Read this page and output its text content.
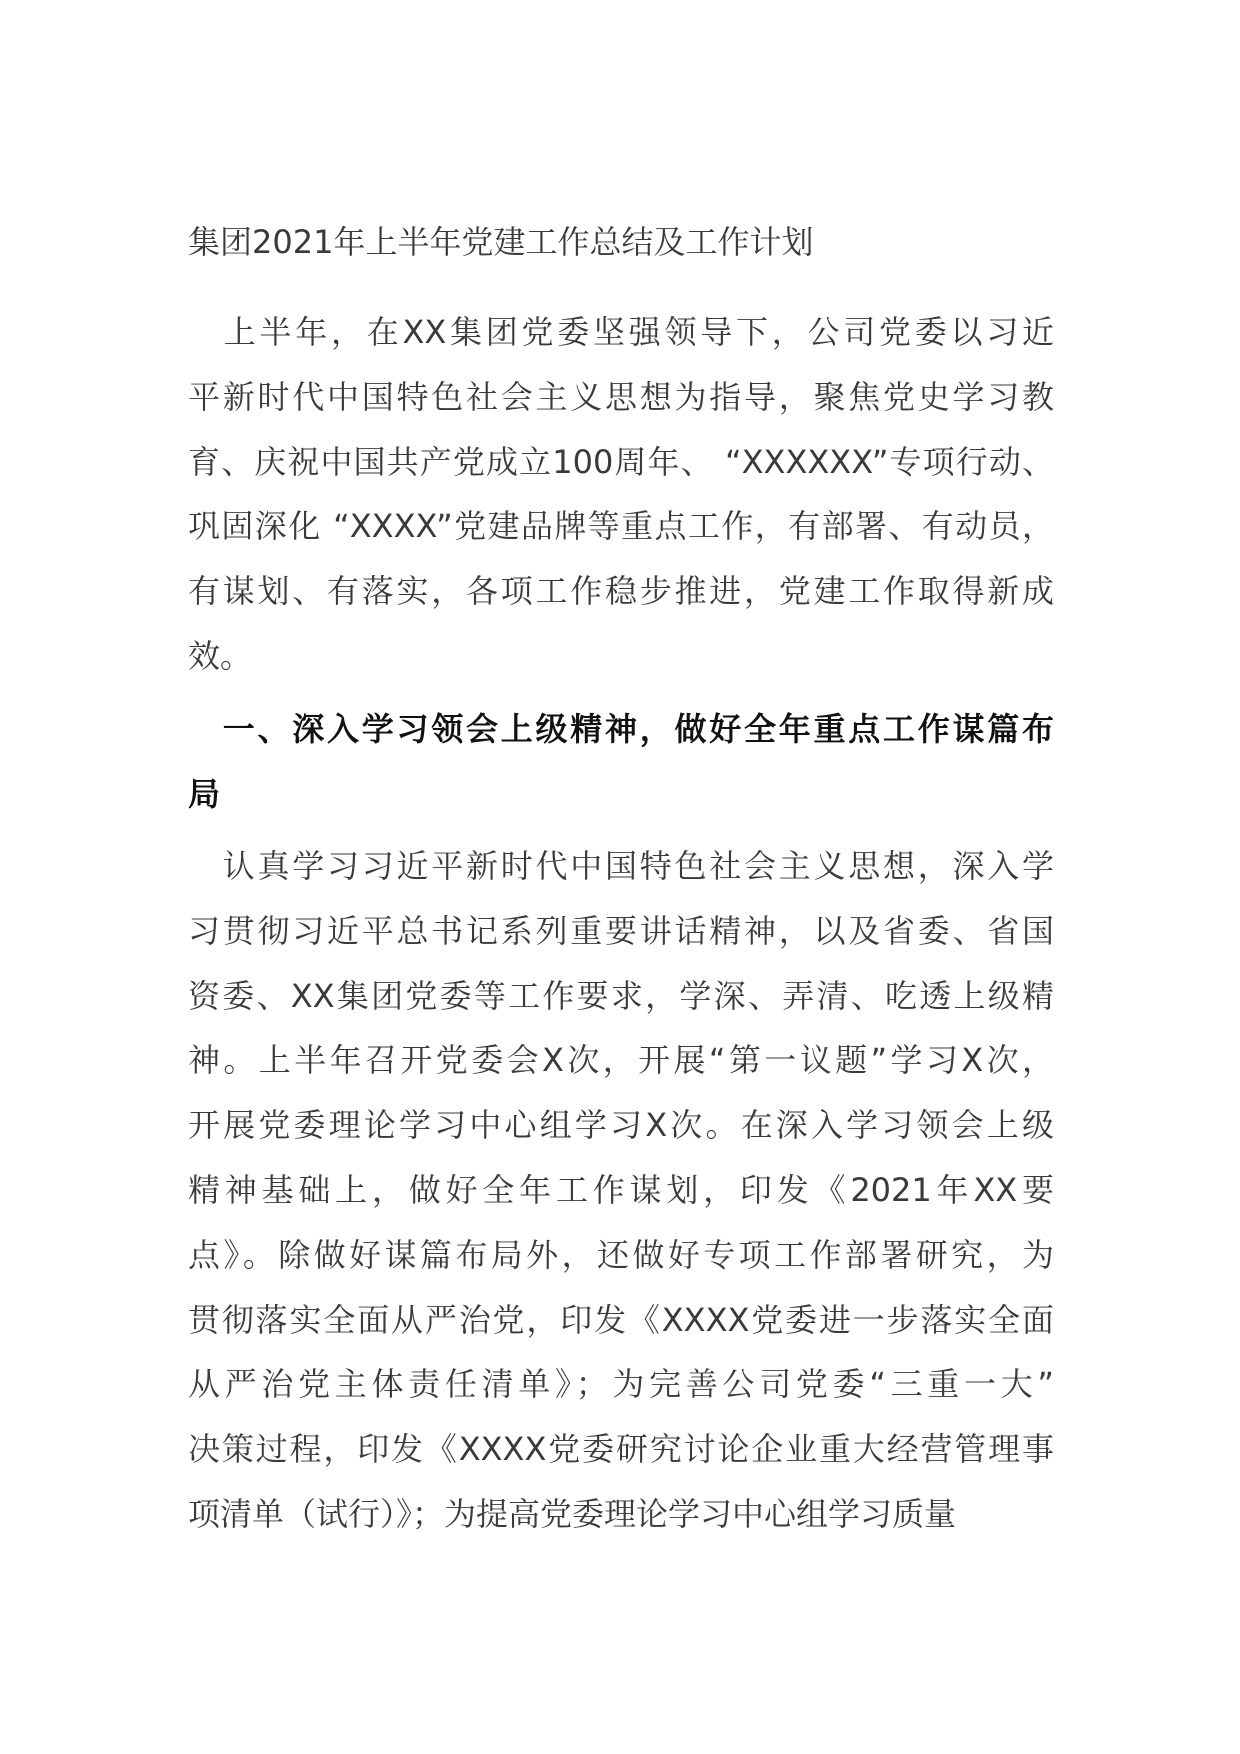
集团2021年上半年党建工作总结及工作计划
　上半年，在XX集团党委坚强领导下，公司党委以习近
平新时代中国特色社会主义思想为指导，聚焦党史学习教
育、庆祝中国共产党成立100周年、 “XXXXXX”专项行动、
巩固深化 “XXXX”党建品牌等重点工作，有部署、有动员，
有谋划、有落实，各项工作稳步推进，党建工作取得新成
效。
　一、深入学习领会上级精神，做好全年重点工作谋篇布
局
　认真学习习近平新时代中国特色社会主义思想，深入学
习贯彻习近平总书记系列重要讲话精神，以及省委、省国
资委、XX集团党委等工作要求，学深、弄清、吃透上级精
神。上半年召开党委会X次，开展“第一议题”学习X次，
开展党委理论学习中心组学习X次。在深入学习领会上级
精神基础上，做好全年工作谋划，印发《2021年XX要
点》。除做好谋篇布局外，还做好专项工作部署研究，为
贯彻落实全面从严治党，印发《XXXX党委进一步落实全面
从严治党主体责任清单》；为完善公司党委“三重一大”
决策过程，印发《XXXX党委研究讨论企业重大经营管理事
项清单（试行）》；为提高党委理论学习中心组学习质量
